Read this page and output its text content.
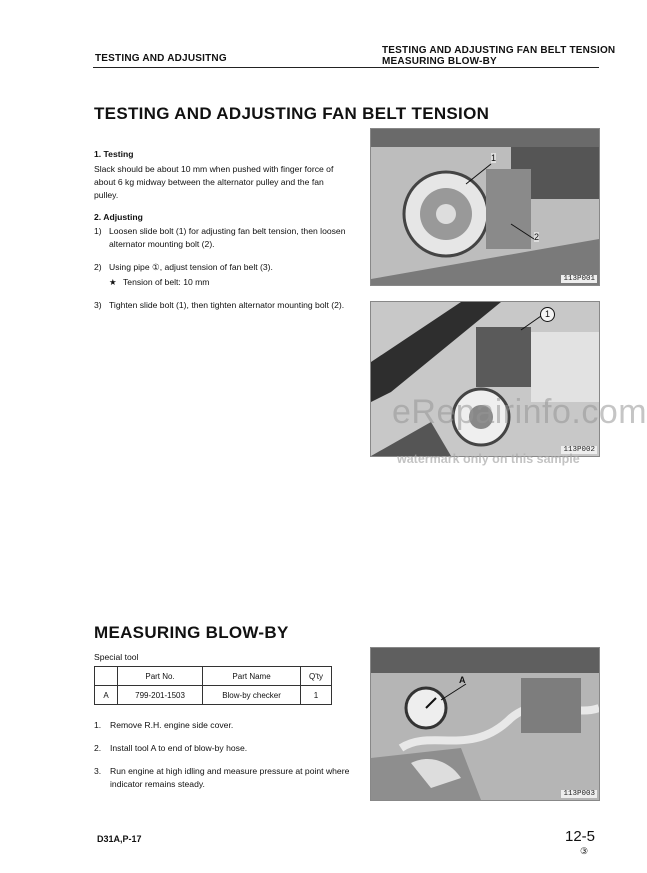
TESTING AND ADJUSITNG
TESTING AND ADJUSTING FAN BELT TENSION
MEASURING BLOW-BY
TESTING AND ADJUSTING FAN BELT TENSION
1. Testing
Slack should be about 10 mm when pushed with finger force of about 6 kg midway between the alternator pulley and the fan pulley.
2. Adjusting
1) Loosen slide bolt (1) for adjusting fan belt tension, then loosen alternator mounting bolt (2).
2) Using pipe ①, adjust tension of fan belt (3).
★ Tension of belt: 10 mm
3) Tighten slide bolt (1), then tighten alternator mounting bolt (2).
1
2
113P001
1
113P002
eRepairinfo.com
watermark only on this sample
MEASURING BLOW-BY
Special tool
	Part No.	Part Name	Q'ty
A	799-201-1503	Blow-by checker	1
1.	Remove R.H. engine side cover.
2.	Install tool A to end of blow-by hose.
3.	Run engine at high idling and measure pressure at point where indicator remains steady.
A
113P003
D31A,P-17	12-5
③
